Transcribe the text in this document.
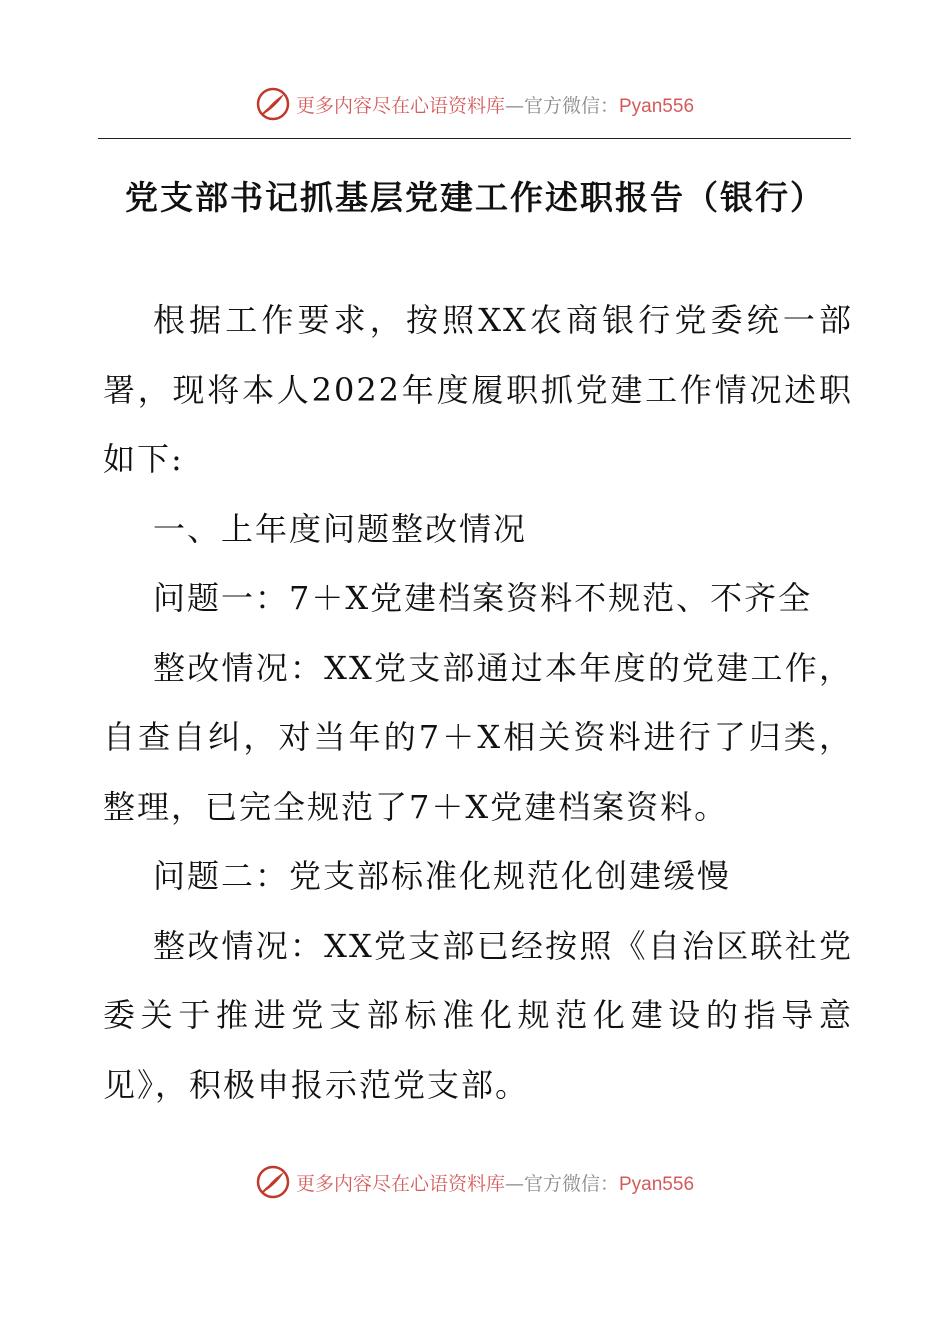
更多内容尽在心语资料库—官方微信：Pyan556
党支部书记抓基层党建工作述职报告（银行）

根据工作要求，按照XX农商银行党委统一部署，现将本人2022年度履职抓党建工作情况述职如下:

一、上年度问题整改情况

问题一：7＋X党建档案资料不规范、不齐全

整改情况：XX党支部通过本年度的党建工作，自查自纠，对当年的7＋X相关资料进行了归类，整理，已完全规范了7＋X党建档案资料。

问题二：党支部标准化规范化创建缓慢

整改情况：XX党支部已经按照《自治区联社党委关于推进党支部标准化规范化建设的指导意见》，积极申报示范党支部。

更多内容尽在心语资料库—官方微信：Pyan556
